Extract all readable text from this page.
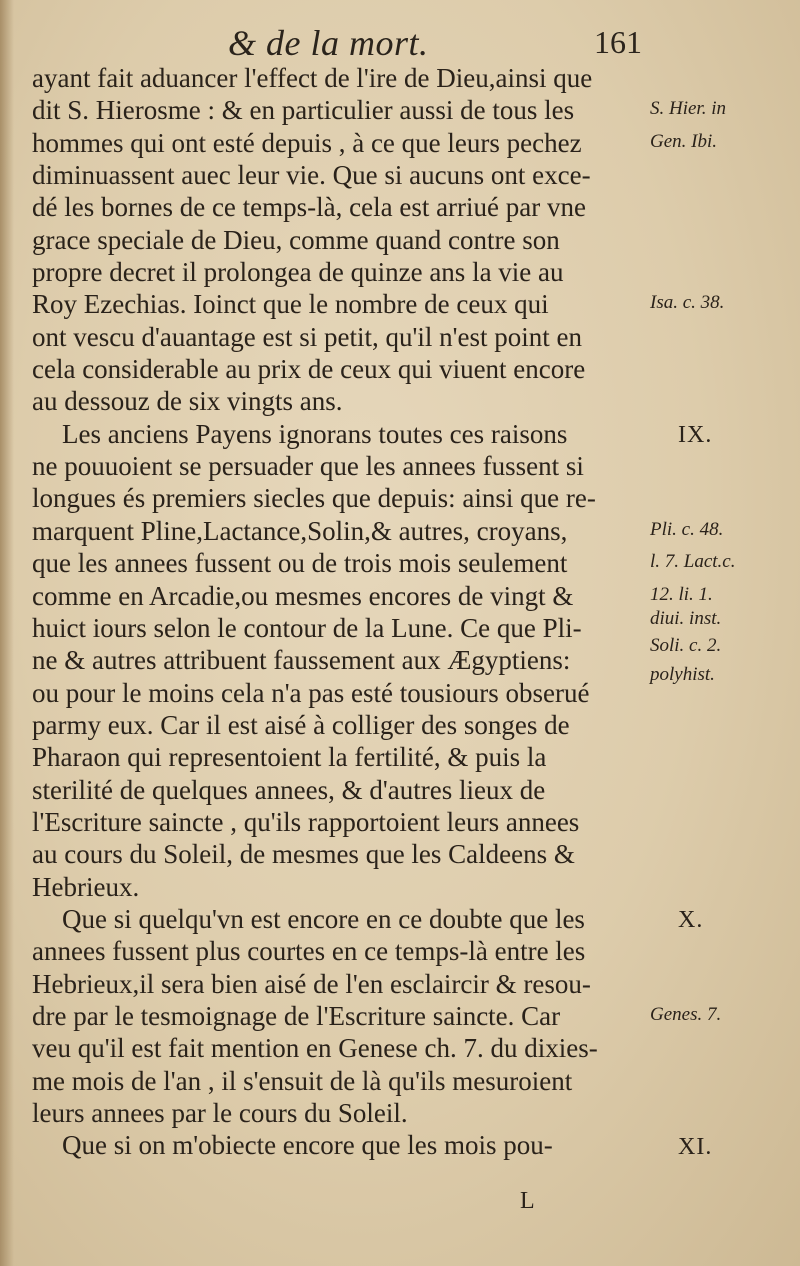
& de la mort.	161
ayant fait aduancer l'effect de l'ire de Dieu,ainsi que
dit S. Hierosme : & en particulier aussi de tous les
hommes qui ont esté depuis , à ce que leurs pechez
diminuassent auec leur vie. Que si aucuns ont exce-
dé les bornes de ce temps-là, cela est arriué par vne
grace speciale de Dieu, comme quand contre son
propre decret il prolongea de quinze ans la vie au
Roy Ezechias. Ioinct que le nombre de ceux qui
ont vescu d'auantage est si petit, qu'il n'est point en
cela considerable au prix de ceux qui viuent encore
au dessouz de six vingts ans.
Les anciens Payens ignorans toutes ces raisons
ne pouuoient se persuader que les annees fussent si
longues és premiers siecles que depuis: ainsi que re-
marquent Pline,Lactance,Solin,& autres, croyans,
que les annees fussent ou de trois mois seulement
comme en Arcadie,ou mesmes encores de vingt &
huict iours selon le contour de la Lune. Ce que Pli-
ne & autres attribuent faussement aux Ægyptiens:
ou pour le moins cela n'a pas esté tousiours obserué
parmy eux. Car il est aisé à colliger des songes de
Pharaon qui representoient la fertilité, & puis la
sterilité de quelques annees, & d'autres lieux de
l'Escriture saincte , qu'ils rapportoient leurs annees
au cours du Soleil, de mesmes que les Caldeens &
Hebrieux.
Que si quelqu'vn est encore en ce doubte que les
annees fussent plus courtes en ce temps-là entre les
Hebrieux,il sera bien aisé de l'en esclaircir & resou-
dre par le tesmoignage de l'Escriture saincte. Car
veu qu'il est fait mention en Genese ch. 7. du dixies-
me mois de l'an , il s'ensuit de là qu'ils mesuroient
leurs annees par le cours du Soleil.
Que si on m'obiecte encore que les mois pou-
S. Hier. in
Gen. Ibi.
Isa. c. 38.
IX.
Pli. c. 48.
l. 7. Lact.c.
12. li. 1.
diui. inst.
Soli. c. 2.
polyhist.
X.
Genes. 7.
XI.
L
